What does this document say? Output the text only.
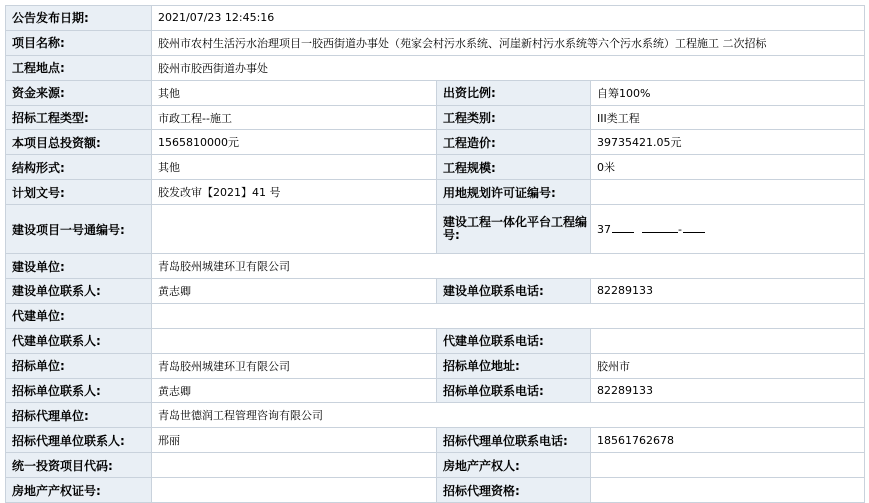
公告发布日期:	2021/07/23 12:45:16		
项目名称:	胶州市农村生活污水治理项目一胶西街道办事处（苑家会村污水系统、河崖新村污水系统等六个污水系统）工程施工 二次招标		
工程地点:	胶州市胶西街道办事处		
资金来源:	其他	出资比例:	自筹100%
招标工程类型:	市政工程--施工	工程类别:	III类工程
本项目总投资额:	1565810000元	工程造价:	39735421.05元
结构形式:	其他	工程规模:	0米
计划文号:	胶发改审【2021】41 号	用地规划许可证编号:	
建设项目一号通编号:		建设工程一体化平台工程编号:	37 -
建设单位:	青岛胶州城建环卫有限公司		
建设单位联系人:	黄志卿	建设单位联系电话:	82289133
代建单位:			
代建单位联系人:		代建单位联系电话:	
招标单位:	青岛胶州城建环卫有限公司	招标单位地址:	胶州市
招标单位联系人:	黄志卿	招标单位联系电话:	82289133
招标代理单位:	青岛世德润工程管理咨询有限公司		
招标代理单位联系人:	邢丽	招标代理单位联系电话:	18561762678
统一投资项目代码:		房地产产权人:	
房地产产权证号:		招标代理资格:	
